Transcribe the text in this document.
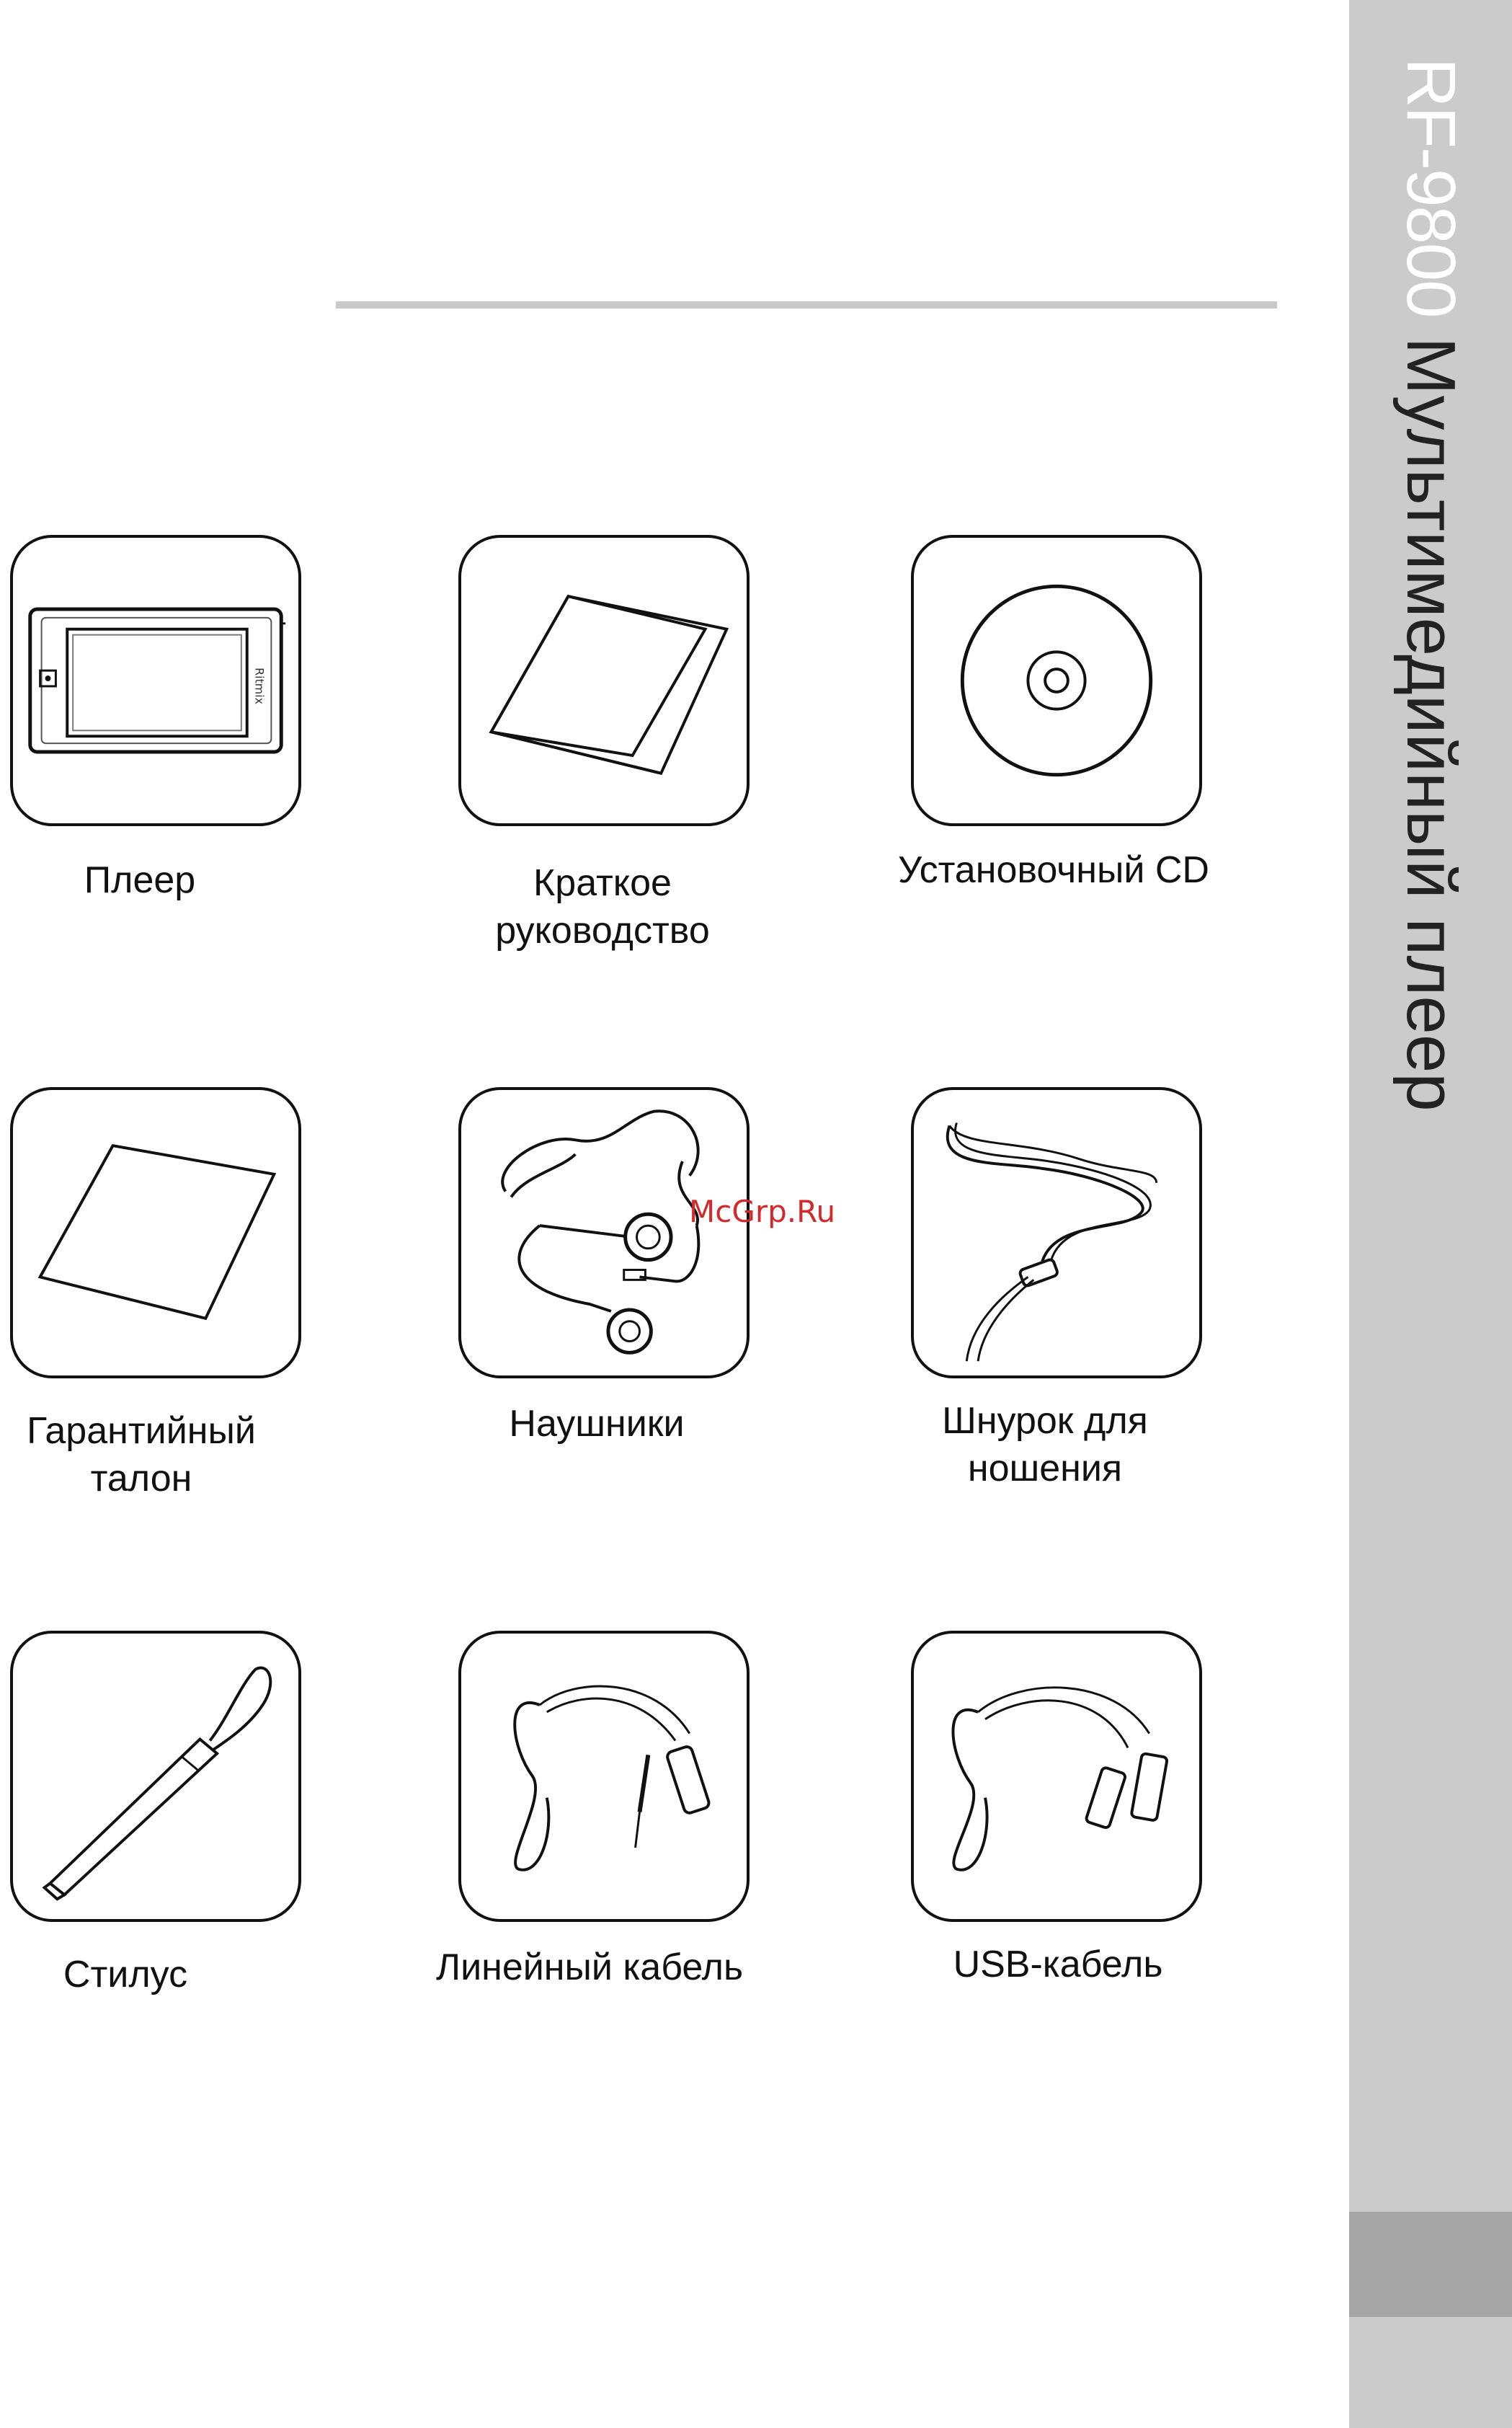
RF-9800Мультимедийный плеер
Ritmix
Плеер	Краткое
руководство
Установочный CD
Гарантийный
талон
Наушники	Шнурок для
ношения
Стилус	Линейный кабель	USB-кабель
McGrp.Ru
